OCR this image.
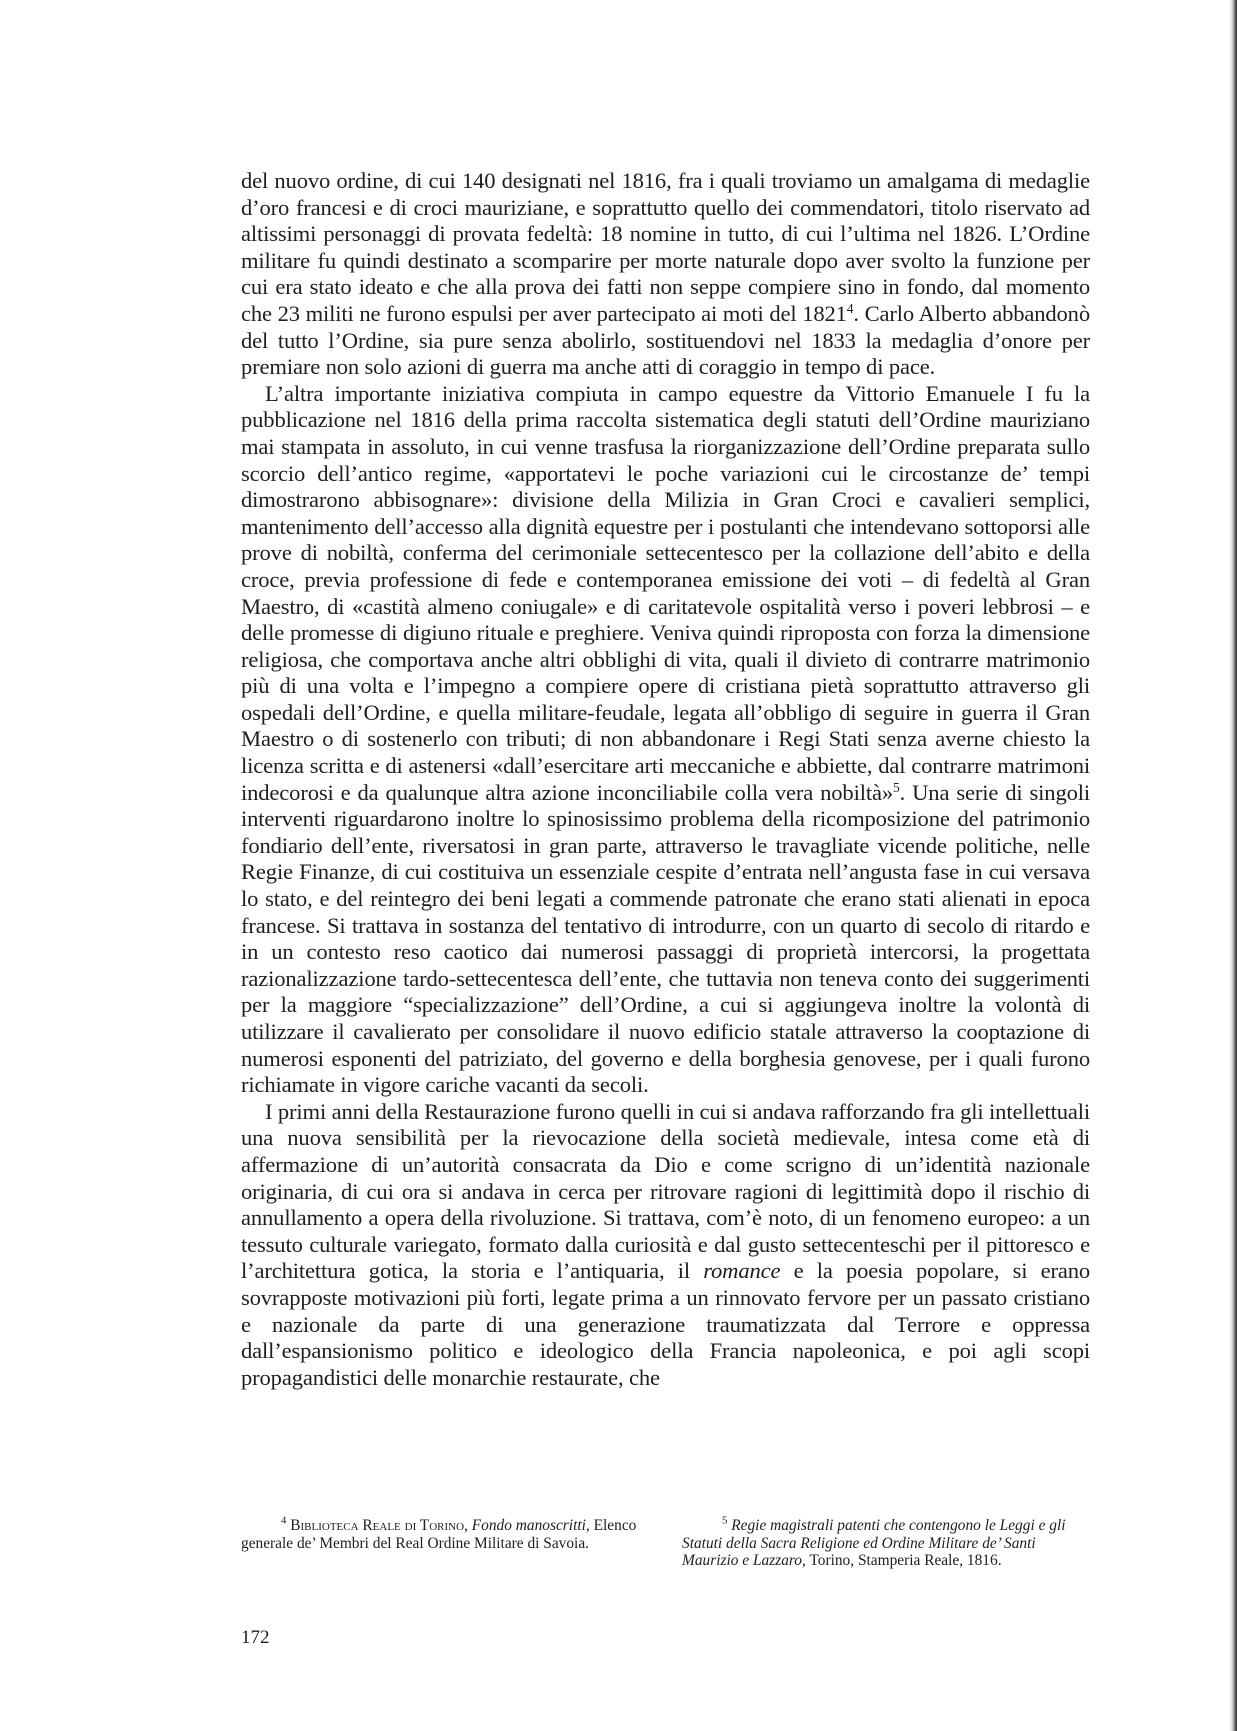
del nuovo ordine, di cui 140 designati nel 1816, fra i quali troviamo un amalgama di medaglie d’oro francesi e di croci mauriziane, e soprattutto quello dei commendatori, titolo riservato ad altissimi personaggi di provata fedeltà: 18 nomine in tutto, di cui l’ultima nel 1826. L’Ordine militare fu quindi destinato a scomparire per morte naturale dopo aver svolto la funzione per cui era stato ideato e che alla prova dei fatti non seppe compiere sino in fondo, dal momento che 23 militi ne furono espulsi per aver partecipato ai moti del 1821$^4$. Carlo Alberto abbandonò del tutto l’Ordine, sia pure senza abolirlo, sostituendovi nel 1833 la medaglia d’onore per premiare non solo azioni di guerra ma anche atti di coraggio in tempo di pace.

L’altra importante iniziativa compiuta in campo equestre da Vittorio Emanuele I fu la pubblicazione nel 1816 della prima raccolta sistematica degli statuti dell’Ordine mauriziano mai stampata in assoluto, in cui venne trasfusa la riorganizzazione dell’Ordine preparata sullo scorcio dell’antico regime, «apportatevi le poche variazioni cui le circostanze de’ tempi dimostrarono abbisognare»: divisione della Milizia in Gran Croci e cavalieri semplici, mantenimento dell’accesso alla dignità equestre per i postulanti che intendevano sottoporsi alle prove di nobiltà, conferma del cerimoniale settecentesco per la collazione dell’abito e della croce, previa professione di fede e contemporanea emissione dei voti – di fedeltà al Gran Maestro, di «castità almeno coniugale» e di caritatevole ospitalità verso i poveri lebbrosi – e delle promesse di digiuno rituale e preghiere. Veniva quindi riproposta con forza la dimensione religiosa, che comportava anche altri obblighi di vita, quali il divieto di contrarre matrimonio più di una volta e l’impegno a compiere opere di cristiana pietà soprattutto attraverso gli ospedali dell’Ordine, e quella militare-feudale, legata all’obbligo di seguire in guerra il Gran Maestro o di sostenerlo con tributi; di non abbandonare i Regi Stati senza averne chiesto la licenza scritta e di astenersi «dall’esercitare arti meccaniche e abbiette, dal contrarre matrimoni indecorosi e da qualunque altra azione inconciliabile colla vera nobiltà»$^5$. Una serie di singoli interventi riguardarono inoltre lo spinosissimo problema della ricomposizione del patrimonio fondiario dell’ente, riversatosi in gran parte, attraverso le travagliate vicende politiche, nelle Regie Finanze, di cui costituiva un essenziale cespite d’entrata nell’angusta fase in cui versava lo stato, e del reintegro dei beni legati a commende patronate che erano stati alienati in epoca francese. Si trattava in sostanza del tentativo di introdurre, con un quarto di secolo di ritardo e in un contesto reso caotico dai numerosi passaggi di proprietà intercorsi, la progettata razionalizzazione tardo-settecentesca dell’ente, che tuttavia non teneva conto dei suggerimenti per la maggiore “specializzazione” dell’Ordine, a cui si aggiungeva inoltre la volontà di utilizzare il cavalierato per consolidare il nuovo edificio statale attraverso la cooptazione di numerosi esponenti del patriziato, del governo e della borghesia genovese, per i quali furono richiamate in vigore cariche vacanti da secoli.

I primi anni della Restaurazione furono quelli in cui si andava rafforzando fra gli intellettuali una nuova sensibilità per la rievocazione della società medievale, intesa come età di affermazione di un’autorità consacrata da Dio e come scrigno di un’identità nazionale originaria, di cui ora si andava in cerca per ritrovare ragioni di legittimità dopo il rischio di annullamento a opera della rivoluzione. Si trattava, com’è noto, di un fenomeno europeo: a un tessuto culturale variegato, formato dalla curiosità e dal gusto settecenteschi per il pittoresco e l’architettura gotica, la storia e l’antiquaria, il romance e la poesia popolare, si erano sovrapposte motivazioni più forti, legate prima a un rinnovato fervore per un passato cristiano e nazionale da parte di una generazione traumatizzata dal Terrore e oppressa dall’espansionismo politico e ideologico della Francia napoleonica, e poi agli scopi propagandistici delle monarchie restaurate, che

$^4$ Biblioteca Reale di Torino, Fondo manoscritti, Elenco generale de’ Membri del Real Ordine Militare di Savoia.

$^5$ Regie magistrali patenti che contengono le Leggi e gli Statuti della Sacra Religione ed Ordine Militare de’ Santi Maurizio e Lazzaro, Torino, Stamperia Reale, 1816.

172
